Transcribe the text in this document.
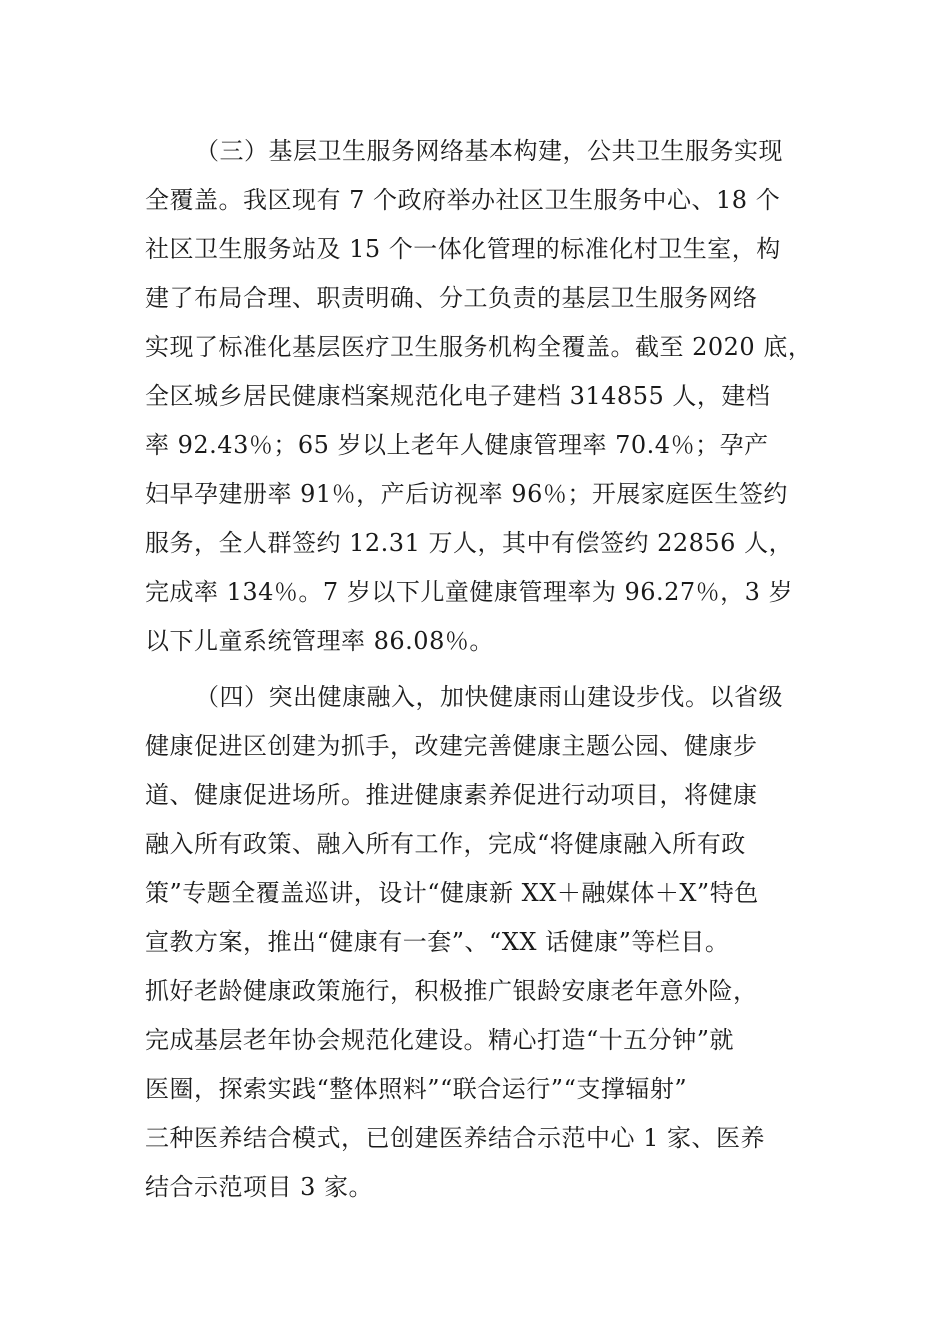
（三）基层卫生服务网络基本构建，公共卫生服务实现
全覆盖。我区现有 7 个政府举办社区卫生服务中心、18 个
社区卫生服务站及 15 个一体化管理的标准化村卫生室，构
建了布局合理、职责明确、分工负责的基层卫生服务网络
实现了标准化基层医疗卫生服务机构全覆盖。截至 2020 底，
全区城乡居民健康档案规范化电子建档 314855 人，建档
率 92.43％；65 岁以上老年人健康管理率 70.4％；孕产
妇早孕建册率 91％，产后访视率 96％；开展家庭医生签约
服务，全人群签约 12.31 万人，其中有偿签约 22856 人，
完成率 134％。7 岁以下儿童健康管理率为 96.27％，3 岁
以下儿童系统管理率 86.08％。

（四）突出健康融入，加快健康雨山建设步伐。以省级
健康促进区创建为抓手，改建完善健康主题公园、健康步
道、健康促进场所。推进健康素养促进行动项目，将健康
融入所有政策、融入所有工作，完成“将健康融入所有政
策”专题全覆盖巡讲，设计“健康新 XX＋融媒体＋X”特色
宣教方案，推出“健康有一套”、“XX 话健康”等栏目。
抓好老龄健康政策施行，积极推广银龄安康老年意外险，
完成基层老年协会规范化建设。精心打造“十五分钟”就
医圈，探索实践“整体照料”“联合运行”“支撑辐射”
三种医养结合模式，已创建医养结合示范中心 1 家、医养
结合示范项目 3 家。
